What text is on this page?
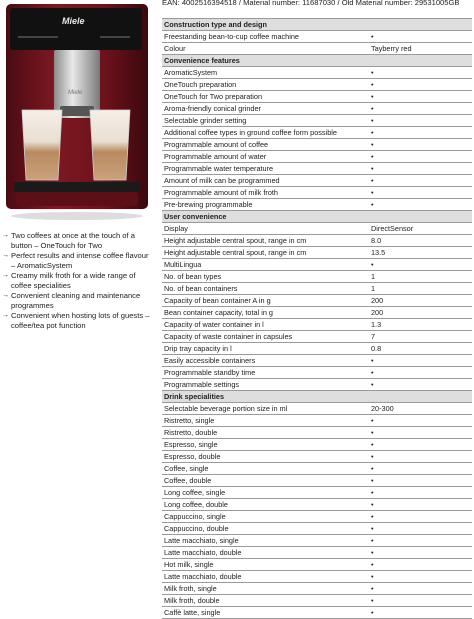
Miele
Miele
→ Two coffees at once at the touch of a button – OneTouch for Two
→ Perfect results and intense coffee flavour – AromaticSystem
→ Creamy milk froth for a wide range of coffee specialities
→ Convenient cleaning and maintenance programmes
→ Convenient when hosting lots of guests – coffee/tea pot function
EAN: 4002516394518 / Material number: 11687030 / Old Material number: 29531005GB
Construction type and design	
Freestanding bean-to-cup coffee machine	•
Colour	Tayberry red
Convenience features	
AromaticSystem	•
OneTouch preparation	•
OneTouch for Two preparation	•
Aroma-friendly conical grinder	•
Selectable grinder setting	•
Additional coffee types in ground coffee form possible	•
Programmable amount of coffee	•
Programmable amount of water	•
Programmable water temperature	•
Amount of milk can be programmed	•
Programmable amount of milk froth	•
Pre-brewing programmable	•
User convenience	
Display	DirectSensor
Height adjustable central spout, range in cm	8.0
Height adjustable central spout, range in cm	13.5
MultiLingua	•
No. of bean types	1
No. of bean containers	1
Capacity of bean container A in g	200
Bean container capacity, total in g	200
Capacity of water container in l	1.3
Capacity of waste container in capsules	7
Drip tray capacity in l	0.8
Easily accessible containers	•
Programmable standby time	•
Programmable settings	•
Drink specialities	
Selectable beverage portion size in ml	20-300
Ristretto, single	•
Ristretto, double	•
Espresso, single	•
Espresso, double	•
Coffee, single	•
Coffee, double	•
Long coffee, single	•
Long coffee, double	•
Cappuccino, single	•
Cappuccino, double	•
Latte macchiato, single	•
Latte macchiato, double	•
Hot milk, single	•
Latte macchiato, double	•
Milk froth, single	•
Milk froth, double	•
Caffè latte, single	•
